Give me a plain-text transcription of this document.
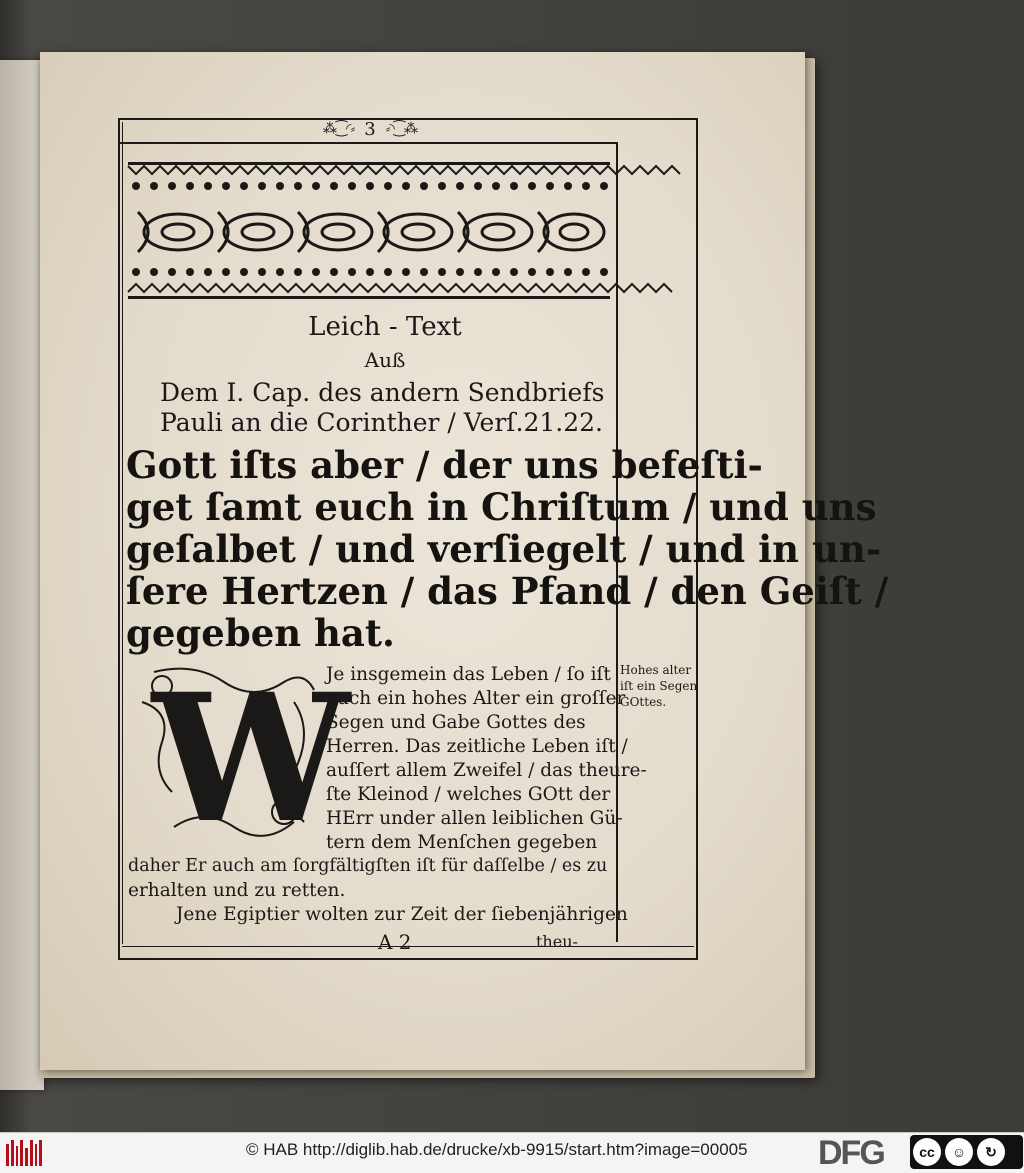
⁂⁐◜⸗ 3 ⸗◝⁐⁂
Leich - Text
Auß
Dem I. Cap. des andern Sendbriefs
Pauli an die Corinther / Verſ.21.22.
Gott iſts aber / der uns befeſti-
get ſamt euch in Chriſtum / und uns
geſalbet / und verſiegelt / und in un-
ſere Hertzen / das Pfand / den Geiſt /
gegeben hat.
W
Je insgemein das Leben / ſo iſt
auch ein hohes Alter ein groſſer
Segen und Gabe Gottes des
Herren. Das zeitliche Leben iſt /
auſſert allem Zweifel / das theure-
ſte Kleinod / welches GOtt der
HErr under allen leiblichen Gü-
tern dem Menſchen gegeben
daher Er auch am ſorgfältigſten iſt für daſſelbe / es zu
erhalten und zu retten.
Jene Egiptier wolten zur Zeit der ſiebenjährigen
Hohes alter
iſt ein Segen
GOttes.
A 2	theu-
© HAB http://diglib.hab.de/drucke/xb-9915/start.htm?image=00005 DFG	cc	☺	↻
BY SA
